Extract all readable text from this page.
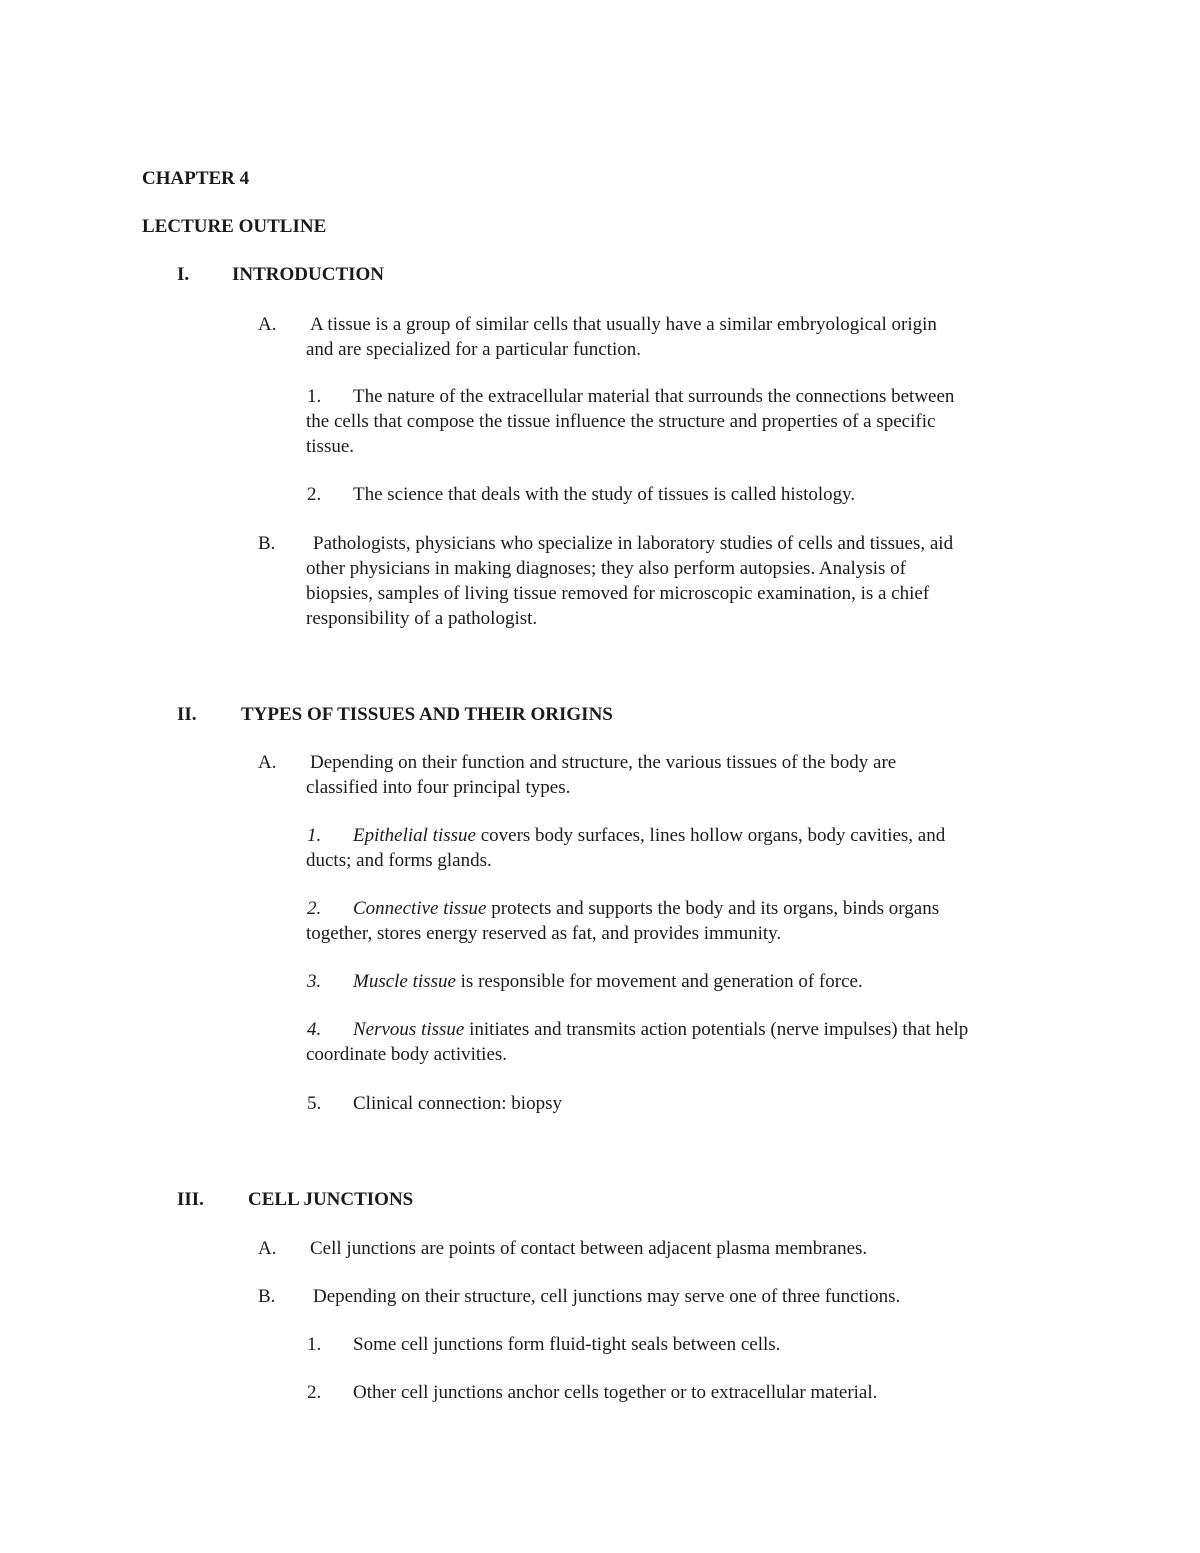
CHAPTER 4
LECTURE OUTLINE
I. INTRODUCTION
A. A tissue is a group of similar cells that usually have a similar embryological origin
and are specialized for a particular function.
1. The nature of the extracellular material that surrounds the connections between
the cells that compose the tissue influence the structure and properties of a specific
tissue.
2. The science that deals with the study of tissues is called histology.
B. Pathologists, physicians who specialize in laboratory studies of cells and tissues, aid
other physicians in making diagnoses; they also perform autopsies. Analysis of
biopsies, samples of living tissue removed for microscopic examination, is a chief
responsibility of a pathologist.
II. TYPES OF TISSUES AND THEIR ORIGINS
A. Depending on their function and structure, the various tissues of the body are
classified into four principal types.
1. Epithelial tissue covers body surfaces, lines hollow organs, body cavities, and
ducts; and forms glands.
2. Connective tissue protects and supports the body and its organs, binds organs
together, stores energy reserved as fat, and provides immunity.
3. Muscle tissue is responsible for movement and generation of force.
4. Nervous tissue initiates and transmits action potentials (nerve impulses) that help
coordinate body activities.
5. Clinical connection: biopsy
III. CELL JUNCTIONS
A. Cell junctions are points of contact between adjacent plasma membranes.
B. Depending on their structure, cell junctions may serve one of three functions.
1. Some cell junctions form fluid-tight seals between cells.
2. Other cell junctions anchor cells together or to extracellular material.
